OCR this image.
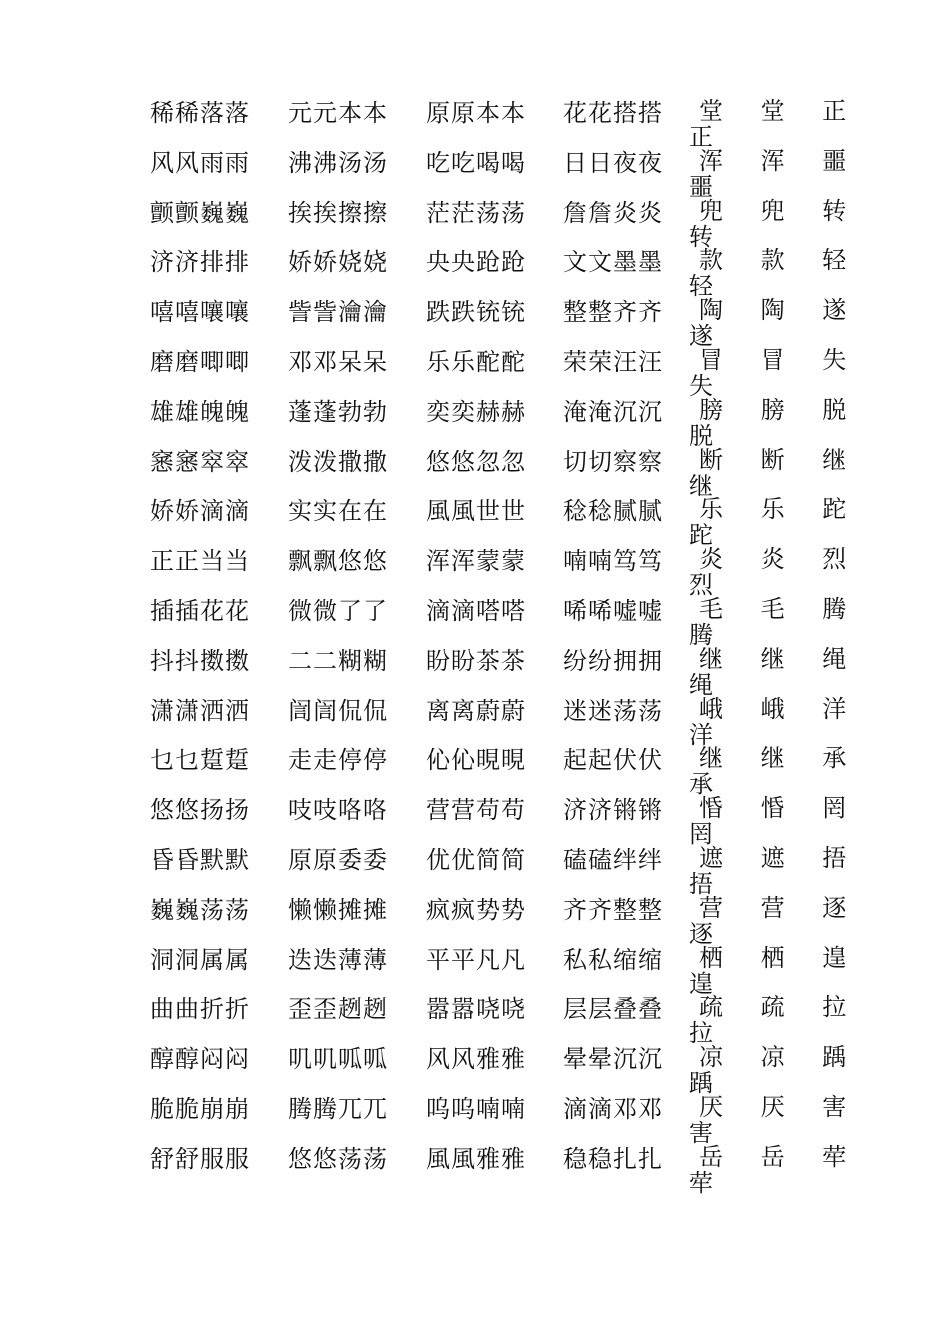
稀稀落落 元元本本 原原本本 花花搭搭 堂 堂 正
正
风风雨雨 沸沸汤汤 吃吃喝喝 日日夜夜 浑 浑 噩
噩
颤颤巍巍 挨挨擦擦 茫茫荡荡 詹詹炎炎 兜 兜 转
转
济济排排 娇娇娆娆 央央跄跄 文文墨墨 款 款 轻
轻
嘻嘻嚷嚷 訾訾瀹瀹 跌跌铳铳 整整齐齐 陶 陶 遂
遂
磨磨唧唧 邓邓呆呆 乐乐酡酡 荣荣汪汪 冒 冒 失
失
雄雄魄魄 蓬蓬勃勃 奕奕赫赫 淹淹沉沉 膀 膀 脱
脱
窸窸窣窣 泼泼撒撒 悠悠忽忽 切切察察 断 断 继
继
娇娇滴滴 实实在在 風風世世 稔稔腻腻 乐 乐 跎
跎
正正当当 飘飘悠悠 浑浑蒙蒙 喃喃笃笃 炎 炎 烈
烈
插插花花 微微了了 滴滴嗒嗒 唏唏嘘嘘 毛 毛 腾
腾
抖抖擞擞 二二糊糊 盼盼茶茶 纷纷拥拥 继 继 绳
绳
潇潇洒洒 訚訚侃侃 离离蔚蔚 迷迷荡荡 峨 峨 洋
洋
乜乜踅踅 走走停停 伈伈晛晛 起起伏伏 继 继 承
承
悠悠扬扬 吱吱咯咯 营营苟苟 济济锵锵 惛 惛 罔
罔
昏昏默默 原原委委 优优简简 磕磕绊绊 遮 遮 捂
捂
巍巍荡荡 懒懒摊摊 疯疯势势 齐齐整整 营 营 逐
逐
洞洞属属 迭迭薄薄 平平凡凡 私私缩缩 栖 栖 遑
遑
曲曲折折 歪歪趔趔 嚣嚣哓哓 层层叠叠 疏 疏 拉
拉
醇醇闷闷 叽叽呱呱 风风雅雅 晕晕沉沉 凉 凉 踽
踽
脆脆崩崩 腾腾兀兀 呜呜喃喃 滴滴邓邓 厌 厌 害
害
舒舒服服 悠悠荡荡 風風雅雅 稳稳扎扎 岳 岳 荦
荦
